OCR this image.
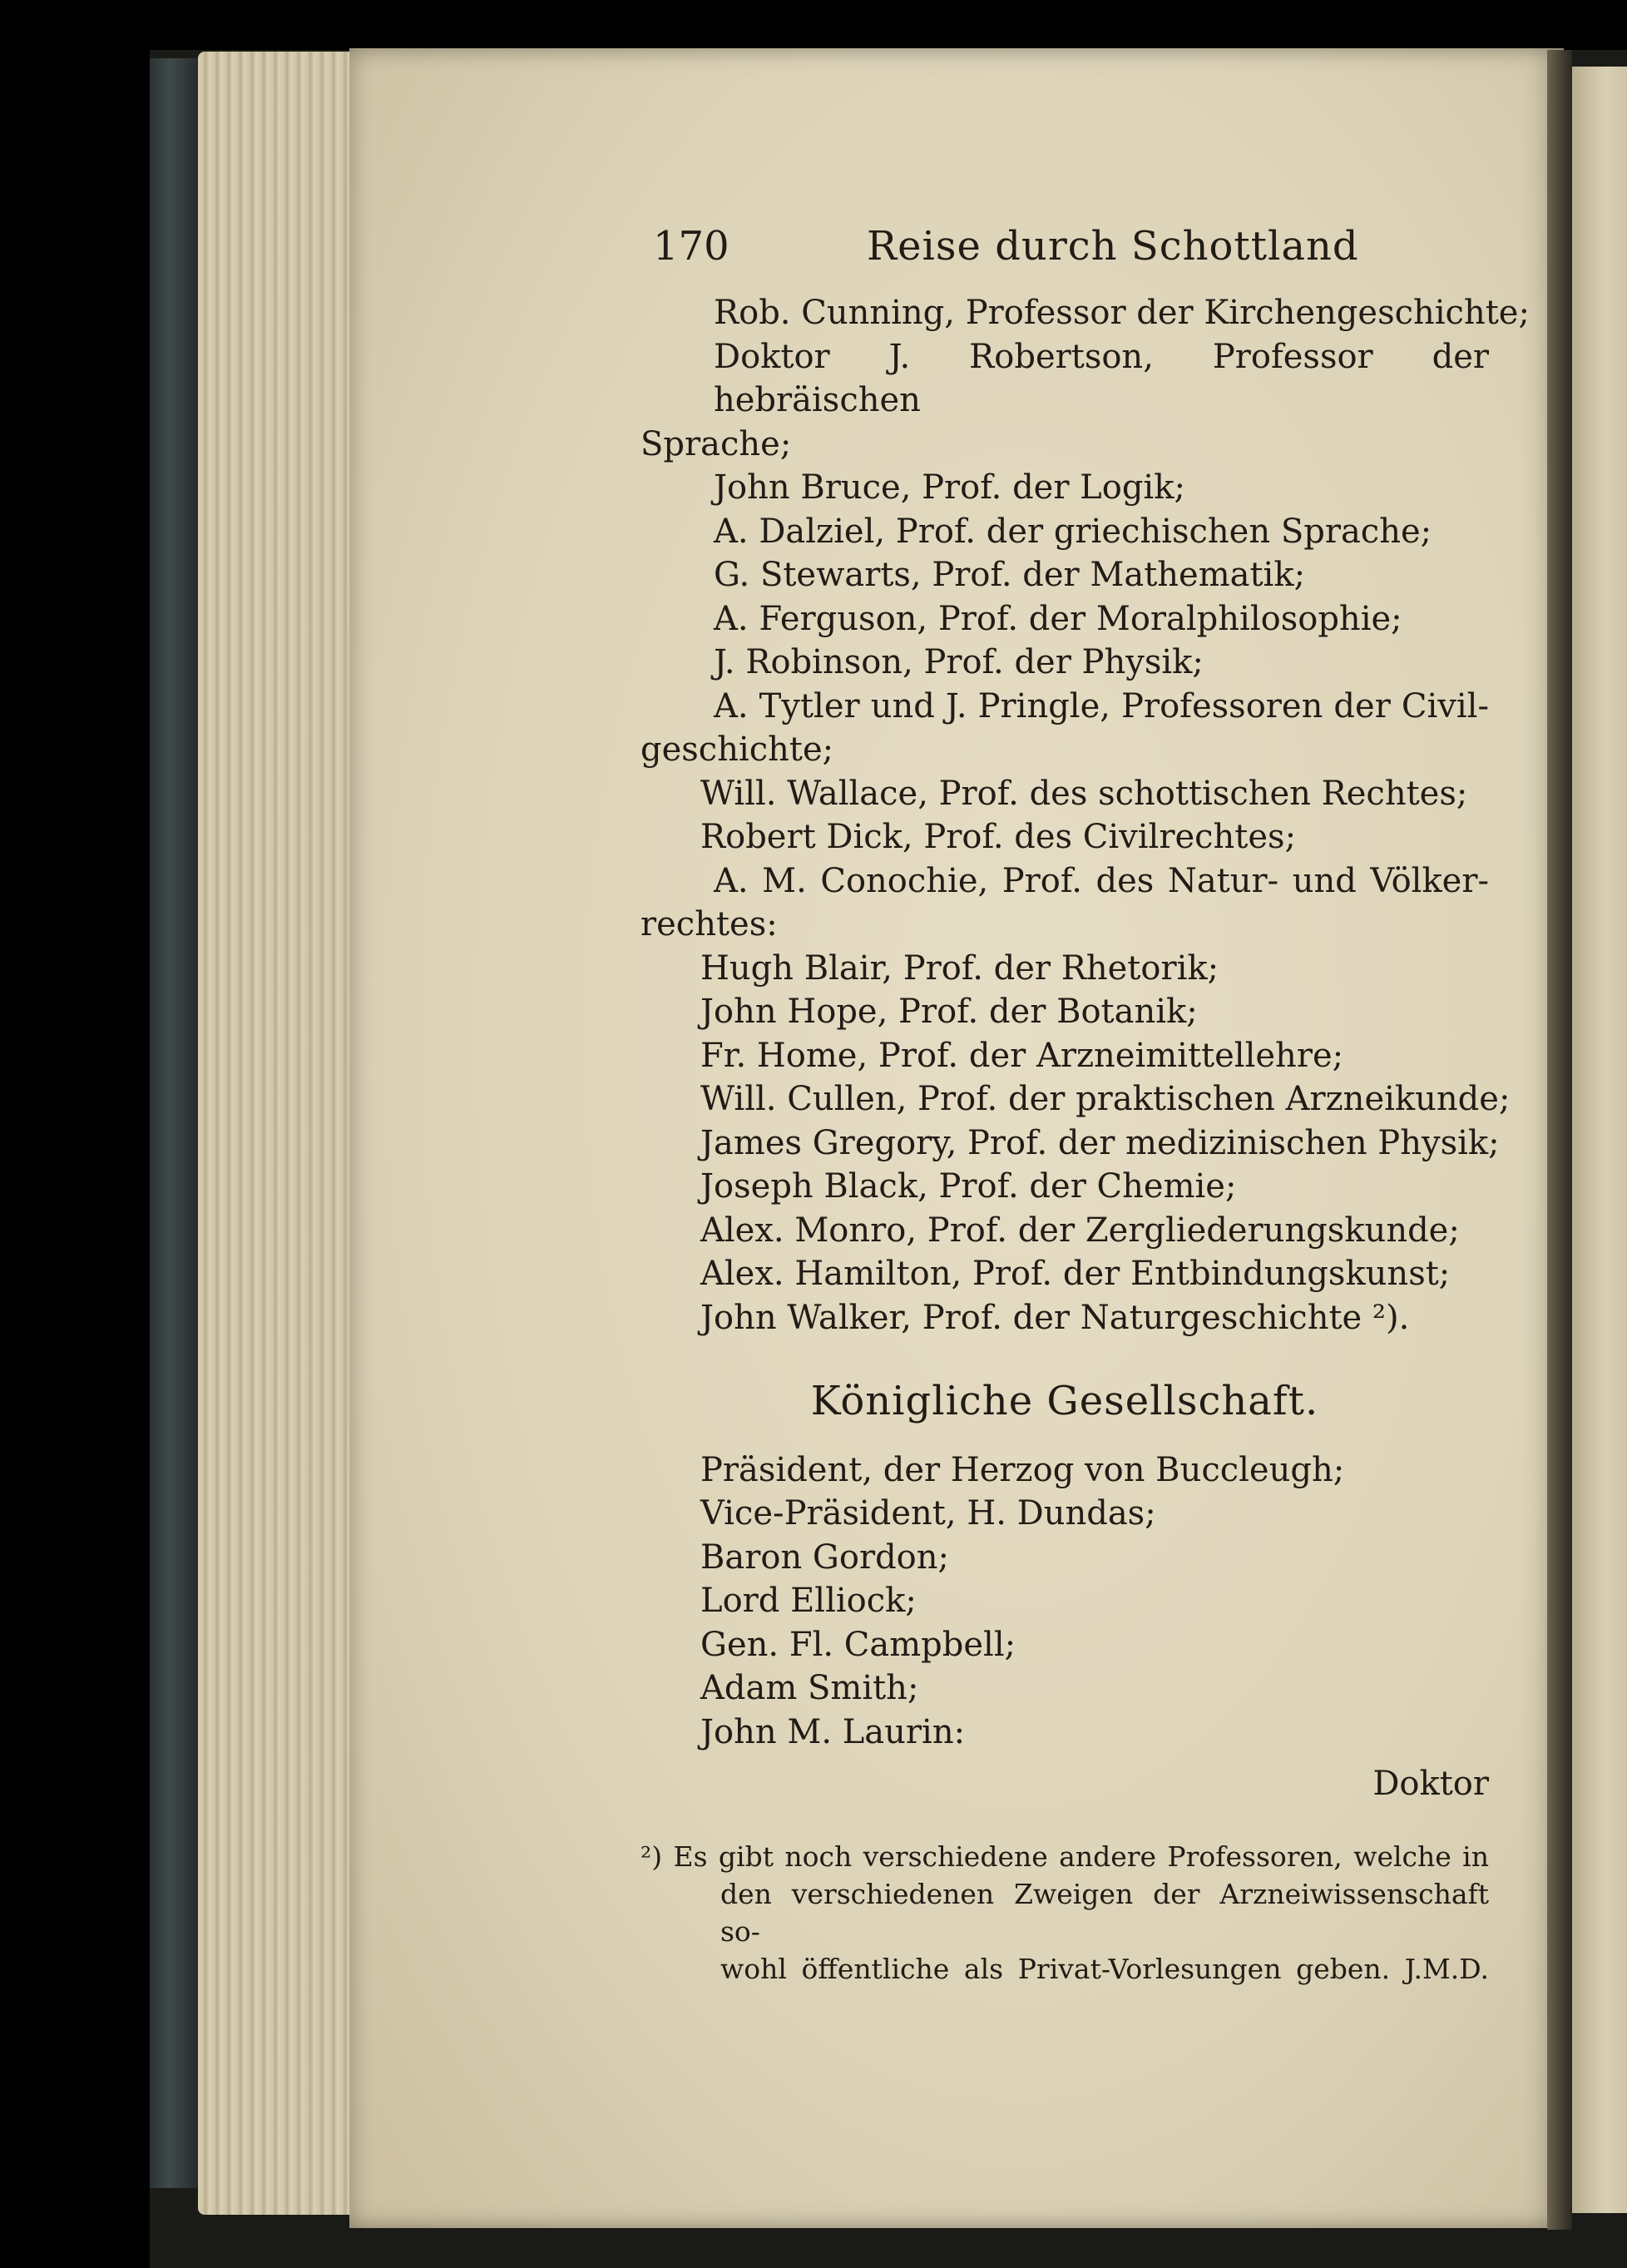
170	Reise durch Schottland

Rob. Cunning, Professor der Kirchengeschichte;

Doktor J. Robertson, Professor der hebräischen

Sprache;

John Bruce, Prof. der Logik;

A. Dalziel, Prof. der griechischen Sprache;

G. Stewarts, Prof. der Mathematik;

A. Ferguson, Prof. der Moralphilosophie;

J. Robinson, Prof. der Physik;

A. Tytler und J. Pringle, Professoren der Civil-

geschichte;

Will. Wallace, Prof. des schottischen Rechtes;

Robert Dick, Prof. des Civilrechtes;

A. M. Conochie, Prof. des Natur- und Völker-

rechtes:

Hugh Blair, Prof. der Rhetorik;

John Hope, Prof. der Botanik;

Fr. Home, Prof. der Arzneimittellehre;

Will. Cullen, Prof. der praktischen Arzneikunde;

James Gregory, Prof. der medizinischen Physik;

Joseph Black, Prof. der Chemie;

Alex. Monro, Prof. der Zergliederungskunde;

Alex. Hamilton, Prof. der Entbindungskunst;

John Walker, Prof. der Naturgeschichte ²).

Königliche Gesellschaft.

Präsident, der Herzog von Buccleugh;

Vice-Präsident, H. Dundas;

Baron Gordon;

Lord Elliock;

Gen. Fl. Campbell;

Adam Smith;

John M. Laurin:

Doktor
²) Es gibt noch verschiedene andere Professoren, welche in
den verschiedenen Zweigen der Arzneiwissenschaft so-
wohl öffentliche als Privat-Vorlesungen geben. J.M.D.
